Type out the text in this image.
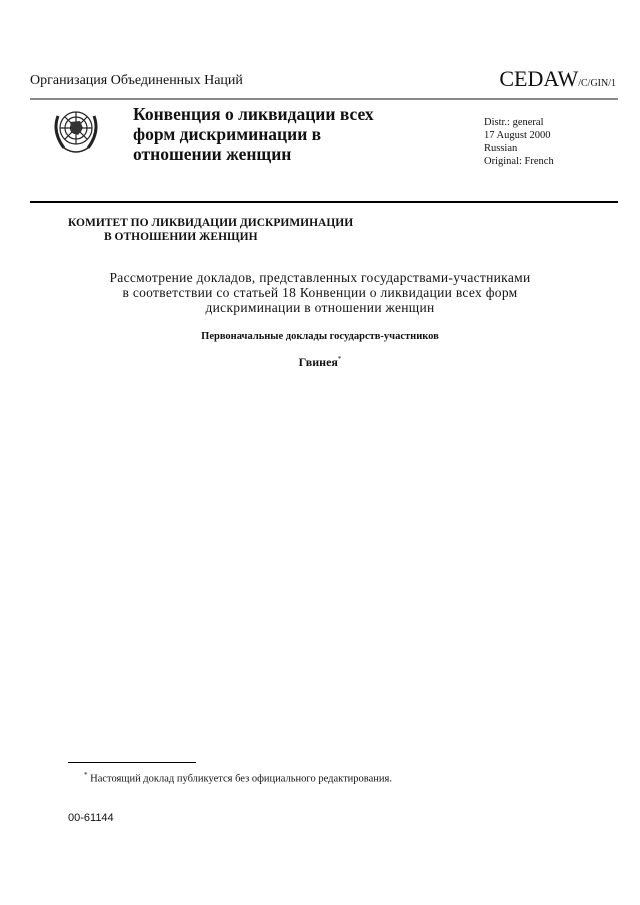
Организация Объединенных Наций	CEDAW/C/GIN/1
Конвенция о ликвидации всех
форм дискриминации в
отношении женщин
Distr.: general
17 August 2000
Russian
Original: French
КОМИТЕТ ПО ЛИКВИДАЦИИ ДИСКРИМИНАЦИИ
В ОТНОШЕНИИ ЖЕНЩИН
Рассмотрение докладов, представленных государствами-участниками
в соответствии со статьей 18 Конвенции о ликвидации всех форм
дискриминации в отношении женщин
Первоначальные доклады государств-участников
Гвинея*
* Настоящий доклад публикуется без официального редактирования.
00-61144
